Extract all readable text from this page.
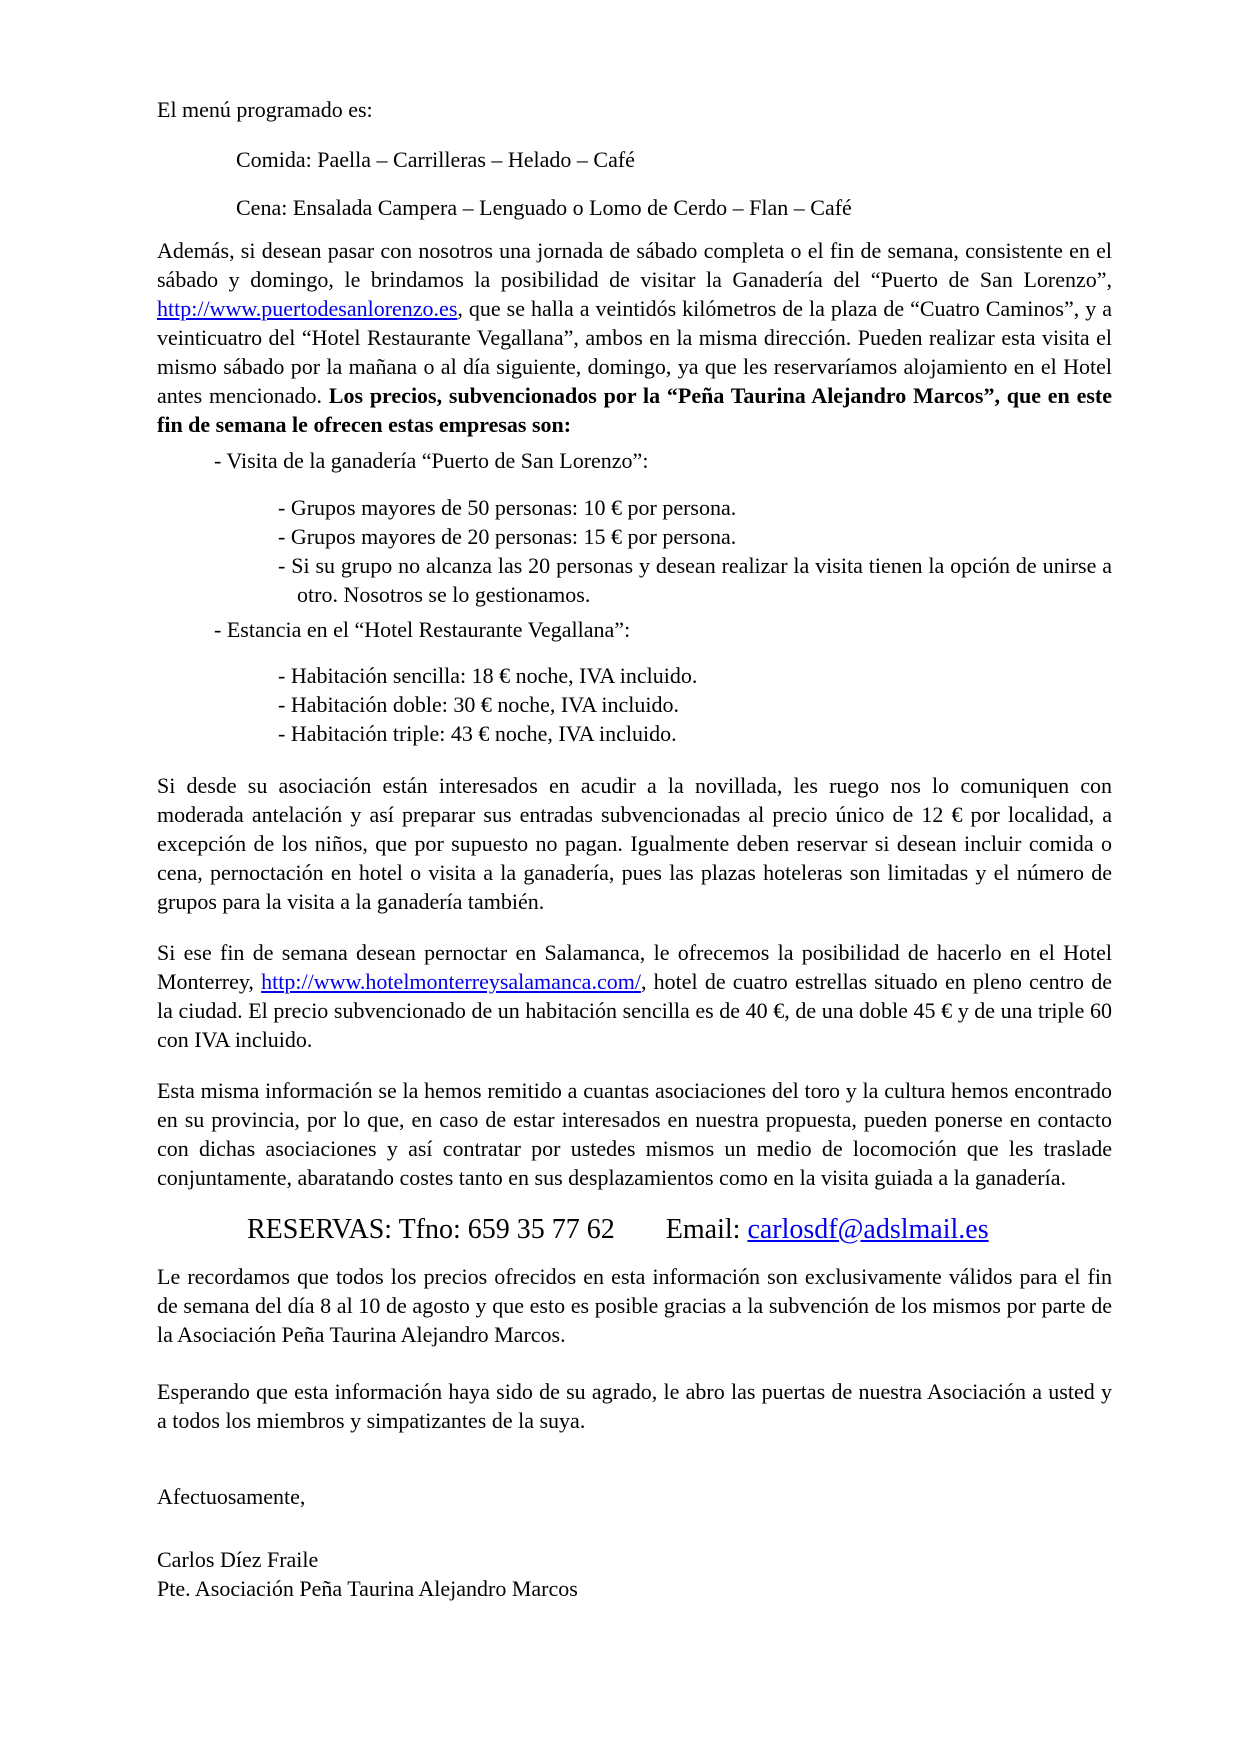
El menú programado es:

Comida: Paella – Carrilleras – Helado – Café

Cena: Ensalada Campera – Lenguado o Lomo de Cerdo – Flan – Café

Además, si desean pasar con nosotros una jornada de sábado completa o el fin de semana, consistente en el sábado y domingo, le brindamos la posibilidad de visitar la Ganadería del “Puerto de San Lorenzo”, http://www.puertodesanlorenzo.es, que se halla a veintidós kilómetros de la plaza de “Cuatro Caminos”, y a veinticuatro del “Hotel Restaurante Vegallana”, ambos en la misma dirección. Pueden realizar esta visita el mismo sábado por la mañana o al día siguiente, domingo, ya que les reservaríamos alojamiento en el Hotel antes mencionado. Los precios, subvencionados por la “Peña Taurina Alejandro Marcos”, que en este fin de semana le ofrecen estas empresas son:

- Visita de la ganadería “Puerto de San Lorenzo”:

- Grupos mayores de 50 personas: 10 € por persona.

- Grupos mayores de 20 personas: 15 € por persona.

- Si su grupo no alcanza las 20 personas y desean realizar la visita tienen la opción de unirse a otro. Nosotros se lo gestionamos.

- Estancia en el “Hotel Restaurante Vegallana”:

- Habitación sencilla: 18 € noche, IVA incluido.

- Habitación doble: 30 € noche, IVA incluido.

- Habitación triple: 43 € noche, IVA incluido.

Si desde su asociación están interesados en acudir a la novillada, les ruego nos lo comuniquen con moderada antelación y así preparar sus entradas subvencionadas al precio único de 12 € por localidad, a excepción de los niños, que por supuesto no pagan. Igualmente deben reservar si desean incluir comida o cena, pernoctación en hotel o visita a la ganadería, pues las plazas hoteleras son limitadas y el número de grupos para la visita a la ganadería también.

Si ese fin de semana desean pernoctar en Salamanca, le ofrecemos la posibilidad de hacerlo en el Hotel Monterrey, http://www.hotelmonterreysalamanca.com/, hotel de cuatro estrellas situado en pleno centro de la ciudad. El precio subvencionado de un habitación sencilla es de 40 €, de una doble 45 € y de una triple 60 con IVA incluido.

Esta misma información se la hemos remitido a cuantas asociaciones del toro y la cultura hemos encontrado en su provincia, por lo que, en caso de estar interesados en nuestra propuesta, pueden ponerse en contacto con dichas asociaciones y así contratar por ustedes mismos un medio de locomoción que les traslade conjuntamente, abaratando costes tanto en sus desplazamientos como en la visita guiada a la ganadería.

RESERVAS: Tfno: 659 35 77 62 Email: carlosdf@adslmail.es

Le recordamos que todos los precios ofrecidos en esta información son exclusivamente válidos para el fin de semana del día 8 al 10 de agosto y que esto es posible gracias a la subvención de los mismos por parte de la Asociación Peña Taurina Alejandro Marcos.

Esperando que esta información haya sido de su agrado, le abro las puertas de nuestra Asociación a usted y a todos los miembros y simpatizantes de la suya.

Afectuosamente,

Carlos Díez Fraile

Pte. Asociación Peña Taurina Alejandro Marcos
